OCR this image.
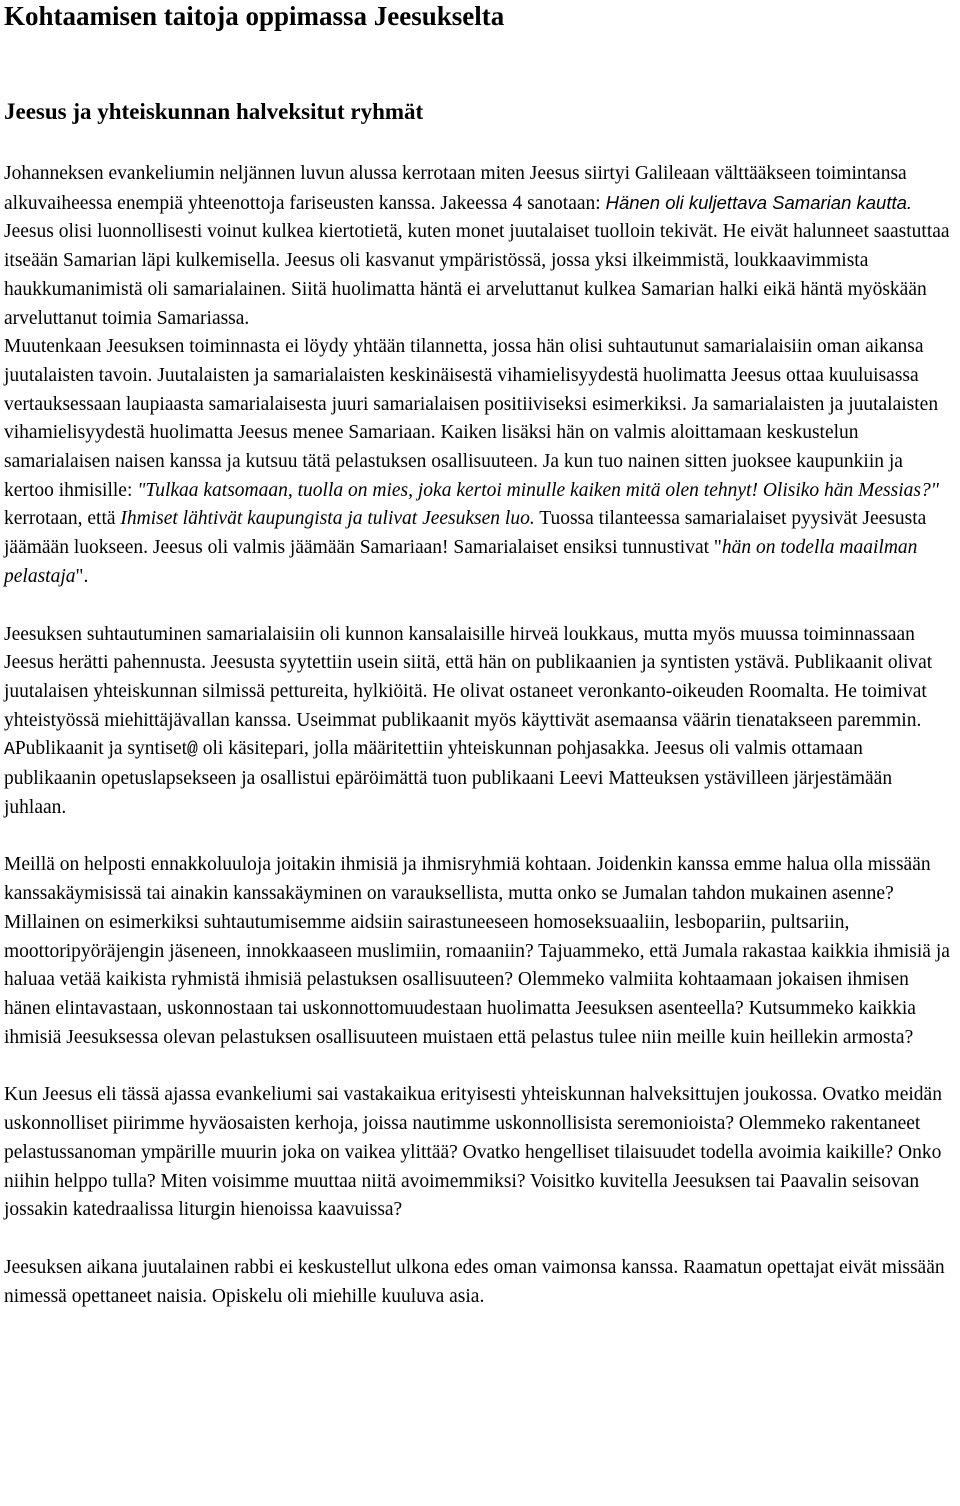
Kohtaamisen taitoja oppimassa Jeesukselta
Jeesus ja yhteiskunnan halveksitut ryhmät

Johanneksen evankeliumin neljännen luvun alussa kerrotaan miten Jeesus siirtyi Galileaan välttääkseen toimintansa alkuvaiheessa enempiä yhteenottoja fariseusten kanssa. Jakeessa 4 sanotaan: Hänen oli kuljettava Samarian kautta. Jeesus olisi luonnollisesti voinut kulkea kiertotietä, kuten monet juutalaiset tuolloin tekivät. He eivät halunneet saastuttaa itseään Samarian läpi kulkemisella. Jeesus oli kasvanut ympäristössä, jossa yksi ilkeimmistä, loukkaavimmista haukkumanimistä oli samarialainen. Siitä huolimatta häntä ei arveluttanut kulkea Samarian halki eikä häntä myöskään arveluttanut toimia Samariassa.
Muutenkaan Jeesuksen toiminnasta ei löydy yhtään tilannetta, jossa hän olisi suhtautunut samarialaisiin oman aikansa juutalaisten tavoin. Juutalaisten ja samarialaisten keskinäisestä vihamielisyydestä huolimatta Jeesus ottaa kuuluisassa vertauksessaan laupiaasta samarialaisesta juuri samarialaisen positiiviseksi esimerkiksi. Ja samarialaisten ja juutalaisten vihamielisyydestä huolimatta Jeesus menee Samariaan. Kaiken lisäksi hän on valmis aloittamaan keskustelun samarialaisen naisen kanssa ja kutsuu tätä pelastuksen osallisuuteen. Ja kun tuo nainen sitten juoksee kaupunkiin ja kertoo ihmisille: "Tulkaa katsomaan, tuolla on mies, joka kertoi minulle kaiken mitä olen tehnyt! Olisiko hän Messias?" kerrotaan, että Ihmiset lähtivät kaupungista ja tulivat Jeesuksen luo. Tuossa tilanteessa samarialaiset pyysivät Jeesusta jäämään luokseen. Jeesus oli valmis jäämään Samariaan! Samarialaiset ensiksi tunnustivat "hän on todella maailman pelastaja".

Jeesuksen suhtautuminen samarialaisiin oli kunnon kansalaisille hirveä loukkaus, mutta myös muussa toiminnassaan Jeesus herätti pahennusta. Jeesusta syytettiin usein siitä, että hän on publikaanien ja syntisten ystävä. Publikaanit olivat juutalaisen yhteiskunnan silmissä pettureita, hylkiöitä. He olivat ostaneet veronkanto-oikeuden Roomalta. He toimivat yhteistyössä miehittäjävallan kanssa. Useimmat publikaanit myös käyttivät asemaansa väärin tienatakseen paremmin. APublikaanit ja syntiset@ oli käsitepari, jolla määritettiin yhteiskunnan pohjasakka. Jeesus oli valmis ottamaan publikaanin opetuslapsekseen ja osallistui epäröimättä tuon publikaani Leevi Matteuksen ystävilleen järjestämään juhlaan.

Meillä on helposti ennakkoluuloja joitakin ihmisiä ja ihmisryhmiä kohtaan. Joidenkin kanssa emme halua olla missään kanssakäymisissä tai ainakin kanssakäyminen on varauksellista, mutta onko se Jumalan tahdon mukainen asenne? Millainen on esimerkiksi suhtautumisemme aidsiin sairastuneeseen homoseksuaaliin, lesbopariin, pultsariin, moottoripyöräjengin jäseneen, innokkaaseen muslimiin, romaaniin? Tajuammeko, että Jumala rakastaa kaikkia ihmisiä ja haluaa vetää kaikista ryhmistä ihmisiä pelastuksen osallisuuteen? Olemmeko valmiita kohtaamaan jokaisen ihmisen hänen elintavastaan, uskonnostaan tai uskonnottomuudestaan huolimatta Jeesuksen asenteella? Kutsummeko kaikkia ihmisiä Jeesuksessa olevan pelastuksen osallisuuteen muistaen että pelastus tulee niin meille kuin heillekin armosta?

Kun Jeesus eli tässä ajassa evankeliumi sai vastakaikua erityisesti yhteiskunnan halveksittujen joukossa. Ovatko meidän uskonnolliset piirimme hyväosaisten kerhoja, joissa nautimme uskonnollisista seremonioista? Olemmeko rakentaneet pelastussanoman ympärille muurin joka on vaikea ylittää? Ovatko hengelliset tilaisuudet todella avoimia kaikille? Onko niihin helppo tulla? Miten voisimme muuttaa niitä avoimemmiksi? Voisitko kuvitella Jeesuksen tai Paavalin seisovan jossakin katedraalissa liturgin hienoissa kaavuissa?

Jeesuksen aikana juutalainen rabbi ei keskustellut ulkona edes oman vaimonsa kanssa. Raamatun opettajat eivät missään nimessä opettaneet naisia. Opiskelu oli miehille kuuluva asia.
